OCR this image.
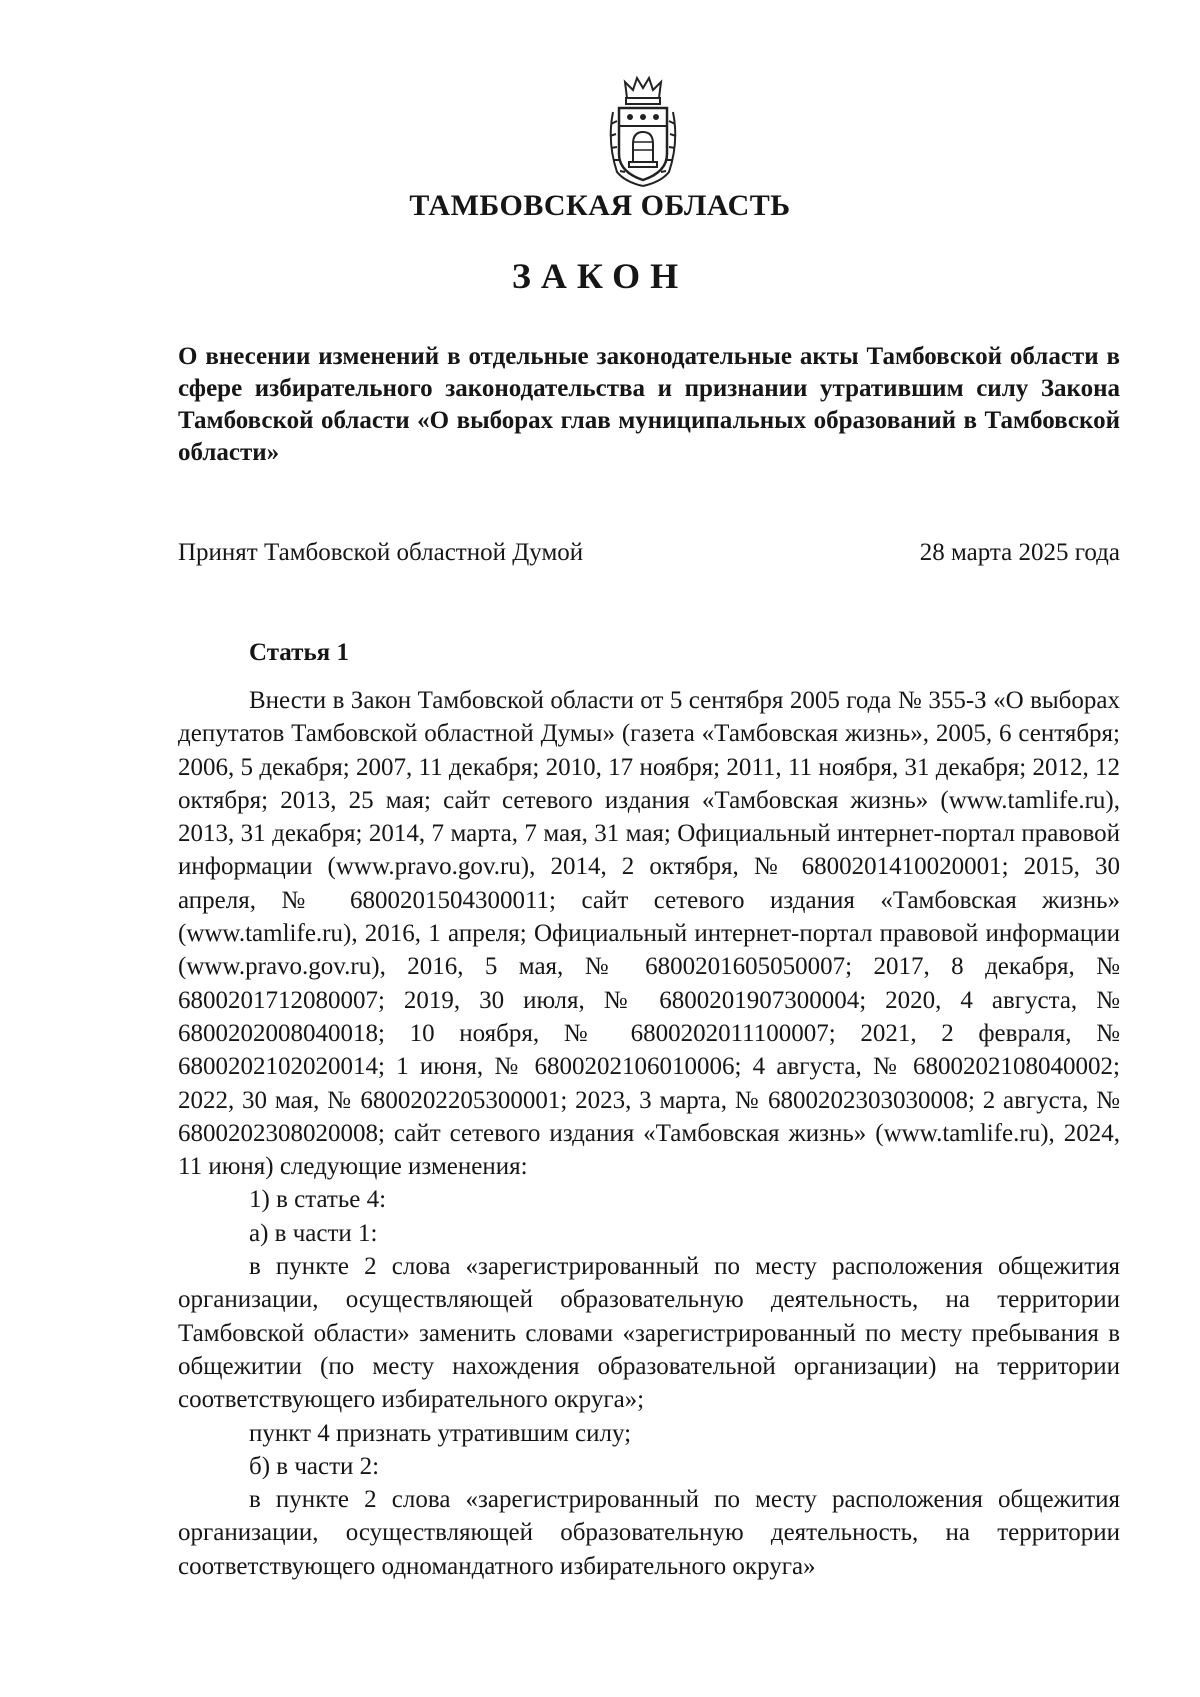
ТАМБОВСКАЯ ОБЛАСТЬ
ЗАКОН
О внесении изменений в отдельные законодательные акты Тамбовской области в сфере избирательного законодательства и признании утратившим силу Закона Тамбовской области «О выборах глав муниципальных образований в Тамбовской области»
Принят Тамбовской областной Думой	28 марта 2025 года
Статья 1

Внести в Закон Тамбовской области от 5 сентября 2005 года № 355-З «О выборах депутатов Тамбовской областной Думы» (газета «Тамбовская жизнь», 2005, 6 сентября; 2006, 5 декабря; 2007, 11 декабря; 2010, 17 ноября; 2011, 11 ноября, 31 декабря; 2012, 12 октября; 2013, 25 мая; сайт сетевого издания «Тамбовская жизнь» (www.tamlife.ru), 2013, 31 декабря; 2014, 7 марта, 7 мая, 31 мая; Официальный интернет-портал правовой информации (www.pravo.gov.ru), 2014, 2 октября, № 6800201410020001; 2015, 30 апреля, № 6800201504300011; сайт сетевого издания «Тамбовская жизнь» (www.tamlife.ru), 2016, 1 апреля; Официальный интернет-портал правовой информации (www.pravo.gov.ru), 2016, 5 мая, № 6800201605050007; 2017, 8 декабря, № 6800201712080007; 2019, 30 июля, № 6800201907300004; 2020, 4 августа, № 6800202008040018; 10 ноября, № 6800202011100007; 2021, 2 февраля, № 6800202102020014; 1 июня, № 6800202106010006; 4 августа, № 6800202108040002; 2022, 30 мая, № 6800202205300001; 2023, 3 марта, № 6800202303030008; 2 августа, № 6800202308020008; сайт сетевого издания «Тамбовская жизнь» (www.tamlife.ru), 2024, 11 июня) следующие изменения:

1) в статье 4:

а) в части 1:

в пункте 2 слова «зарегистрированный по месту расположения общежития организации, осуществляющей образовательную деятельность, на территории Тамбовской области» заменить словами «зарегистрированный по месту пребывания в общежитии (по месту нахождения образовательной организации) на территории соответствующего избирательного округа»;

пункт 4 признать утратившим силу;

б) в части 2:

в пункте 2 слова «зарегистрированный по месту расположения общежития организации, осуществляющей образовательную деятельность, на территории соответствующего одномандатного избирательного округа»
